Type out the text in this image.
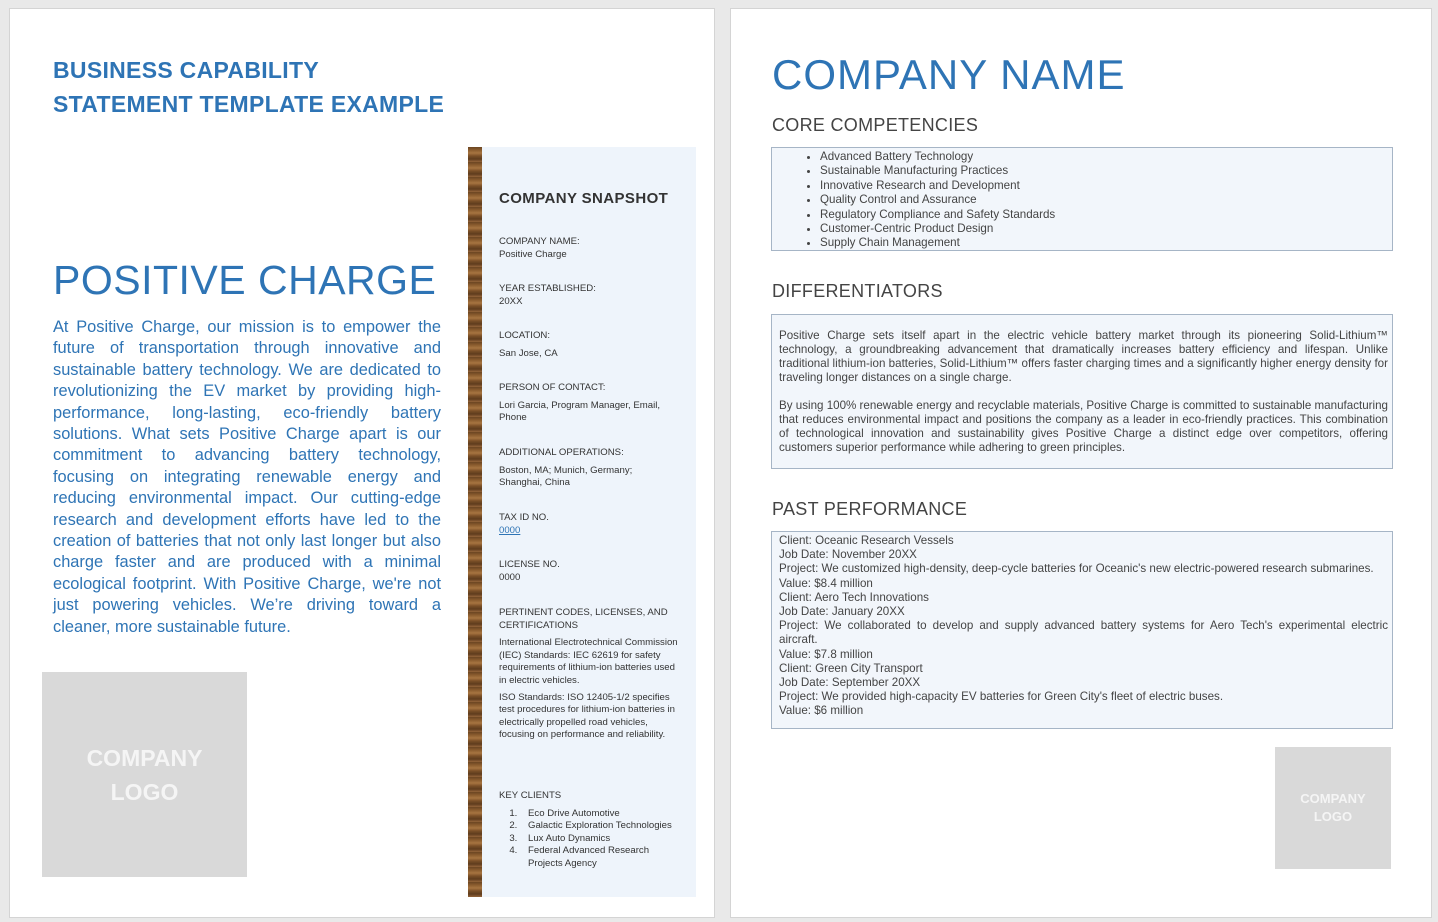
BUSINESS CAPABILITY
STATEMENT TEMPLATE EXAMPLE
POSITIVE CHARGE

At Positive Charge, our mission is to empower the future of transportation through innovative and sustainable battery technology. We are dedicated to revolutionizing the EV market by providing high-performance, long-lasting, eco-friendly battery solutions. What sets Positive Charge apart is our commitment to advancing battery technology, focusing on integrating renewable energy and reducing environmental impact. Our cutting-edge research and development efforts have led to the creation of batteries that not only last longer but also charge faster and are produced with a minimal ecological footprint. With Positive Charge, we're not just powering vehicles. We’re driving toward a cleaner, more sustainable future.

COMPANY
LOGO
COMPANY SNAPSHOT
COMPANY NAME:
Positive Charge
YEAR ESTABLISHED:
20XX
LOCATION:
San Jose, CA
PERSON OF CONTACT:
Lori Garcia, Program Manager, Email, Phone
ADDITIONAL OPERATIONS:
Boston, MA; Munich, Germany; Shanghai, China
TAX ID NO.
0000
LICENSE NO.
0000
PERTINENT CODES, LICENSES, AND CERTIFICATIONS
International Electrotechnical Commission (IEC) Standards: IEC 62619 for safety requirements of lithium-ion batteries used in electric vehicles.
ISO Standards: ISO 12405-1/2 specifies test procedures for lithium-ion batteries in electrically propelled road vehicles, focusing on performance and reliability.
KEY CLIENTS
1. Eco Drive Automotive
2. Galactic Exploration Technologies
3. Lux Auto Dynamics
4. Federal Advanced Research Projects Agency
COMPANY NAME
CORE COMPETENCIES
• Advanced Battery Technology
• Sustainable Manufacturing Practices
• Innovative Research and Development
• Quality Control and Assurance
• Regulatory Compliance and Safety Standards
• Customer-Centric Product Design
• Supply Chain Management
DIFFERENTIATORS

Positive Charge sets itself apart in the electric vehicle battery market through its pioneering Solid-Lithium™ technology, a groundbreaking advancement that dramatically increases battery efficiency and lifespan. Unlike traditional lithium-ion batteries, Solid-Lithium™ offers faster charging times and a significantly higher energy density for traveling longer distances on a single charge.

By using 100% renewable energy and recyclable materials, Positive Charge is committed to sustainable manufacturing that reduces environmental impact and positions the company as a leader in eco-friendly practices. This combination of technological innovation and sustainability gives Positive Charge a distinct edge over competitors, offering customers superior performance while adhering to green principles.

PAST PERFORMANCE
Client: Oceanic Research Vessels
Job Date: November 20XX
Project: We customized high-density, deep-cycle batteries for Oceanic's new electric-powered research submarines.
Value: $8.4 million
Client: Aero Tech Innovations
Job Date: January 20XX
Project: We collaborated to develop and supply advanced battery systems for Aero Tech's experimental electric aircraft.
Value: $7.8 million
Client: Green City Transport
Job Date: September 20XX
Project: We provided high-capacity EV batteries for Green City's fleet of electric buses.
Value: $6 million
COMPANY
LOGO
